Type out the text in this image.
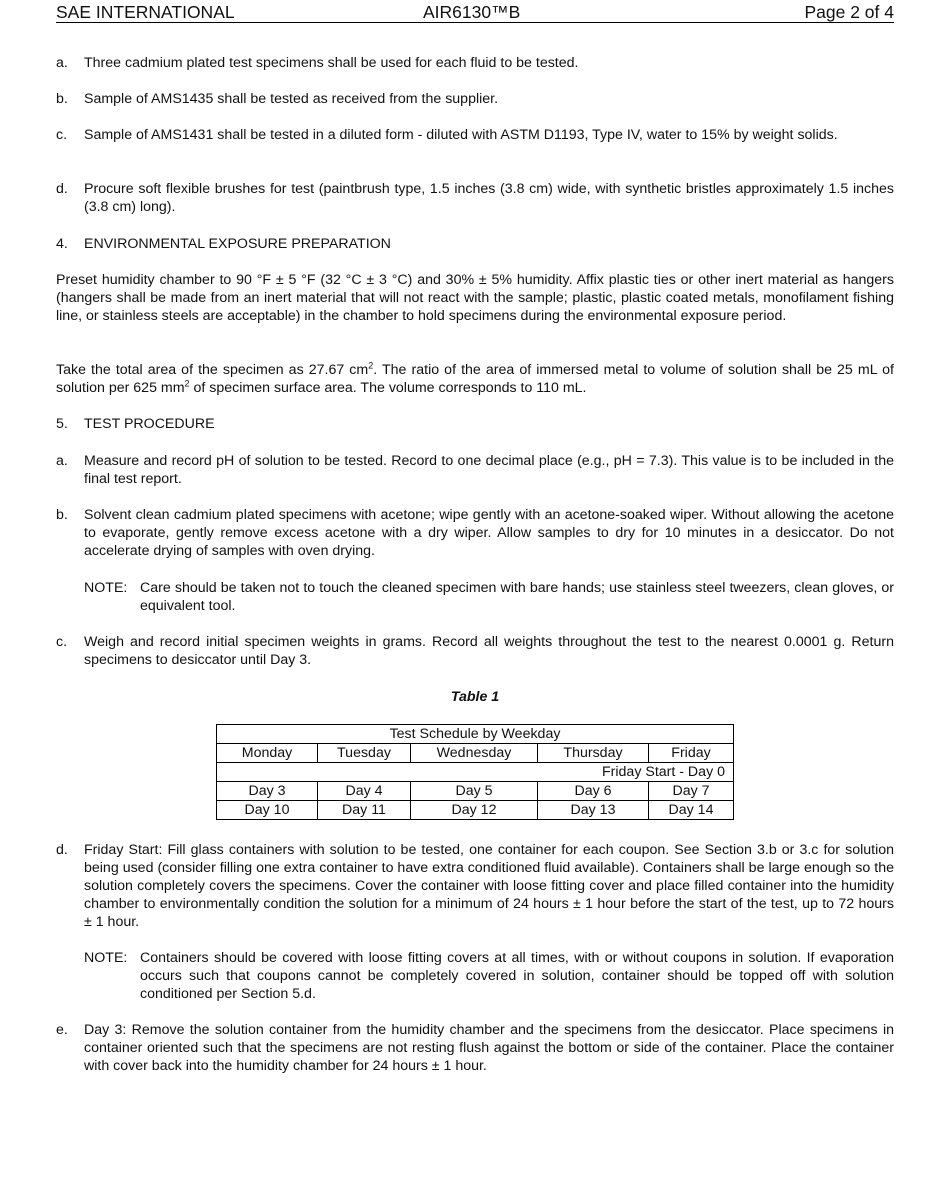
SAE INTERNATIONAL	AIR6130™B	Page 2 of 4
a.	Three cadmium plated test specimens shall be used for each fluid to be tested.
b.	Sample of AMS1435 shall be tested as received from the supplier.
c.	Sample of AMS1431 shall be tested in a diluted form - diluted with ASTM D1193, Type IV, water to 15% by weight solids.
d.	Procure soft flexible brushes for test (paintbrush type, 1.5 inches (3.8 cm) wide, with synthetic bristles approximately 1.5 inches (3.8 cm) long).
4.	ENVIRONMENTAL EXPOSURE PREPARATION
Preset humidity chamber to 90 °F ± 5 °F (32 °C ± 3 °C) and 30% ± 5% humidity. Affix plastic ties or other inert material as hangers (hangers shall be made from an inert material that will not react with the sample; plastic, plastic coated metals, monofilament fishing line, or stainless steels are acceptable) in the chamber to hold specimens during the environmental exposure period.
Take the total area of the specimen as 27.67 $cm^2$. The ratio of the area of immersed metal to volume of solution shall be 25 mL of solution per 625 $mm^2$ of specimen surface area. The volume corresponds to 110 mL.
5.	TEST PROCEDURE
a.	Measure and record pH of solution to be tested. Record to one decimal place (e.g., pH = 7.3). This value is to be included in the final test report.
b.	Solvent clean cadmium plated specimens with acetone; wipe gently with an acetone-soaked wiper. Without allowing the acetone to evaporate, gently remove excess acetone with a dry wiper. Allow samples to dry for 10 minutes in a desiccator. Do not accelerate drying of samples with oven drying.
NOTE: Care should be taken not to touch the cleaned specimen with bare hands; use stainless steel tweezers, clean gloves, or equivalent tool.
c.	Weigh and record initial specimen weights in grams. Record all weights throughout the test to the nearest 0.0001 g. Return specimens to desiccator until Day 3.
Table 1
Test Schedule by Weekday				
Monday	Tuesday	Wednesday	Thursday	Friday
Friday Start - Day 0				
Day 3	Day 4	Day 5	Day 6	Day 7
Day 10	Day 11	Day 12	Day 13	Day 14
d.	Friday Start: Fill glass containers with solution to be tested, one container for each coupon. See Section 3.b or 3.c for solution being used (consider filling one extra container to have extra conditioned fluid available). Containers shall be large enough so the solution completely covers the specimens. Cover the container with loose fitting cover and place filled container into the humidity chamber to environmentally condition the solution for a minimum of 24 hours ± 1 hour before the start of the test, up to 72 hours ± 1 hour.
NOTE: Containers should be covered with loose fitting covers at all times, with or without coupons in solution. If evaporation occurs such that coupons cannot be completely covered in solution, container should be topped off with solution conditioned per Section 5.d.
e.	Day 3: Remove the solution container from the humidity chamber and the specimens from the desiccator. Place specimens in container oriented such that the specimens are not resting flush against the bottom or side of the container. Place the container with cover back into the humidity chamber for 24 hours ± 1 hour.
